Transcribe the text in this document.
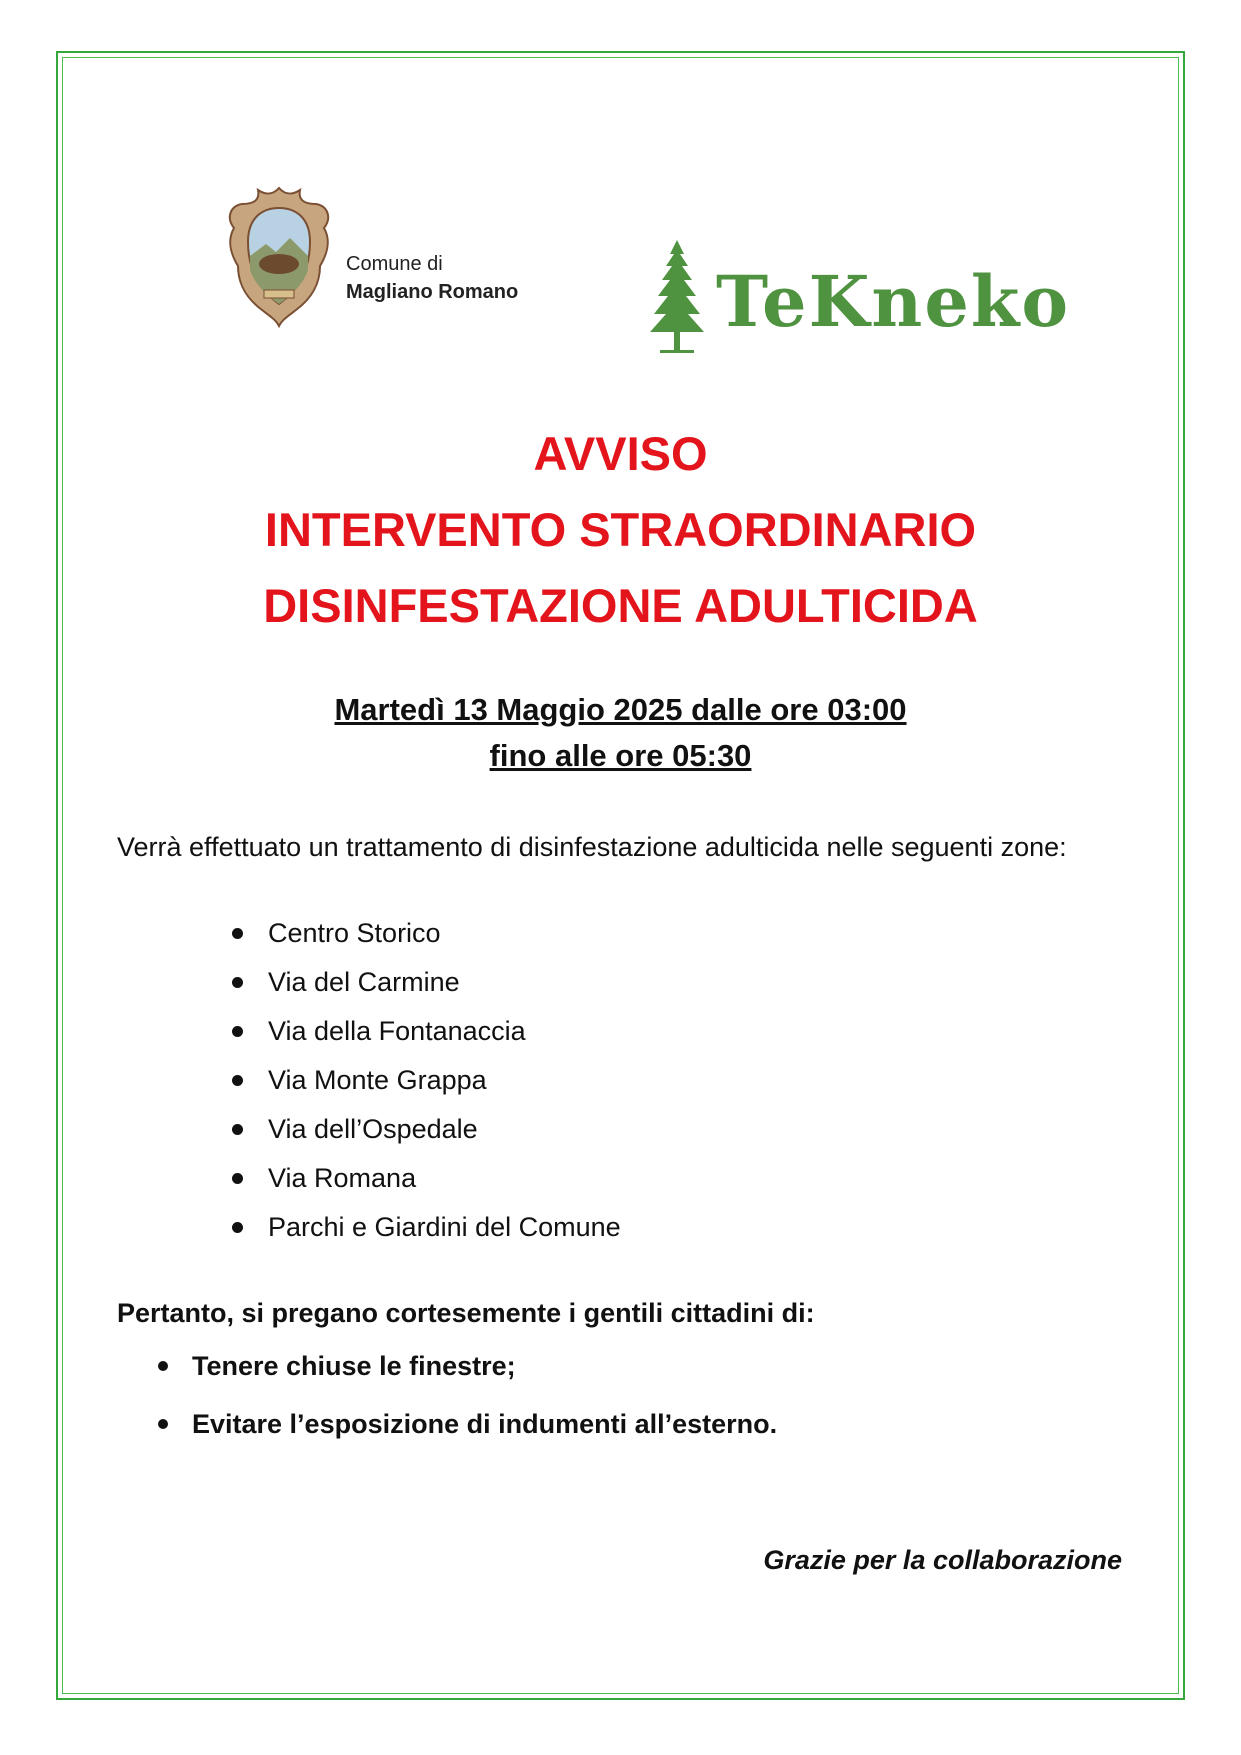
Comune di
Magliano Romano	TeKneko
AVVISO
INTERVENTO STRAORDINARIO
DISINFESTAZIONE ADULTICIDA
Martedì 13 Maggio 2025 dalle ore 03:00
fino alle ore 05:30
Verrà effettuato un trattamento di disinfestazione adulticida nelle seguenti zone:
Centro Storico
Via del Carmine
Via della Fontanaccia
Via Monte Grappa
Via dell’Ospedale
Via Romana
Parchi e Giardini del Comune
Pertanto, si pregano cortesemente i gentili cittadini di:
Tenere chiuse le finestre;
Evitare l’esposizione di indumenti all’esterno.
Grazie per la collaborazione
